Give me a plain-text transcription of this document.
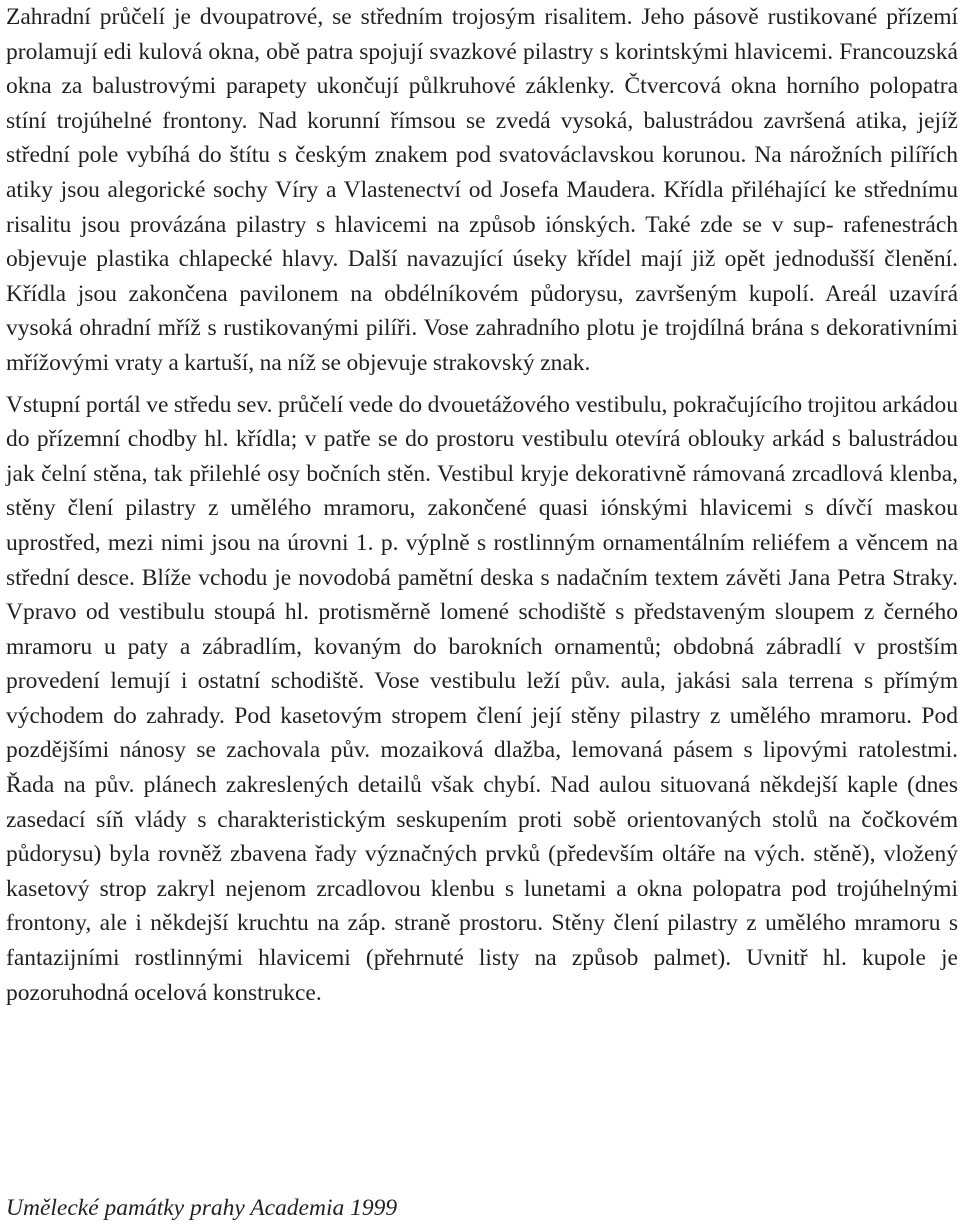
Zahradní průčelí je dvoupatrové, se středním trojosým risalitem. Jeho pásově rustikované přízemí prolamují edi kulová okna, obě patra spojují svazkové pilastry s korintskými hlavicemi. Francouzská okna za balustrovými parapety ukončují půlkruhové záklenky. Čtvercová okna horního polopatra stíní trojúhelné frontony. Nad korunní římsou se zvedá vysoká, balustrádou završená atika, jejíž střední pole vybíhá do štítu s českým znakem pod svatováclavskou korunou. Na nárožních pilířích atiky jsou alegorické sochy Víry a Vlastenectví od Josefa Maudera. Křídla přiléhající ke střednímu risalitu jsou provázána pilastry s hlavicemi na způsob iónských. Také zde se v sup- rafenestrách objevuje plastika chlapecké hlavy. Další navazující úseky křídel mají již opět jednodušší členění. Křídla jsou zakončena pavilonem na obdélníkovém půdorysu, završeným kupolí. Areál uzavírá vysoká ohradní mříž s rustikovanými pilíři. Vose zahradního plotu je trojdílná brána s dekorativními mřížovými vraty a kartuší, na níž se objevuje strakovský znak.

Vstupní portál ve středu sev. průčelí vede do dvouetážového vestibulu, pokračujícího trojitou arkádou do přízemní chodby hl. křídla; v patře se do prostoru vestibulu otevírá oblouky arkád s balustrádou jak čelní stěna, tak přilehlé osy bočních stěn. Vestibul kryje dekorativně rámovaná zrcadlová klenba, stěny člení pilastry z umělého mramoru, zakončené quasi iónskými hlavicemi s dívčí maskou uprostřed, mezi nimi jsou na úrovni 1. p. výplně s rostlinným ornamentálním reliéfem a věncem na střední desce. Blíže vchodu je novodobá pamětní deska s nadačním textem závěti Jana Petra Straky. Vpravo od vestibulu stoupá hl. protisměrně lomené schodiště s představeným sloupem z černého mramoru u paty a zábradlím, kovaným do barokních ornamentů; obdobná zábradlí v prostším provedení lemují i ostatní schodiště. Vose vestibulu leží pův. aula, jakási sala terrena s přímým východem do zahrady. Pod kasetovým stropem člení její stěny pilastry z umělého mramoru. Pod pozdějšími nánosy se zachovala pův. mozaiková dlažba, lemovaná pásem s lipovými ratolestmi. Řada na pův. plánech zakreslených detailů však chybí. Nad aulou situovaná někdejší kaple (dnes zasedací síň vlády s charakteristickým seskupením proti sobě orientovaných stolů na čočkovém půdorysu) byla rovněž zbavena řady význačných prvků (především oltáře na vých. stěně), vložený kasetový strop zakryl nejenom zrcadlovou klenbu s lunetami a okna polopatra pod trojúhelnými frontony, ale i někdejší kruchtu na záp. straně prostoru. Stěny člení pilastry z umělého mramoru s fantazijními rostlinnými hlavicemi (přehrnuté listy na způsob palmet). Uvnitř hl. kupole je pozoruhodná ocelová konstrukce.

Umělecké památky prahy Academia 1999
